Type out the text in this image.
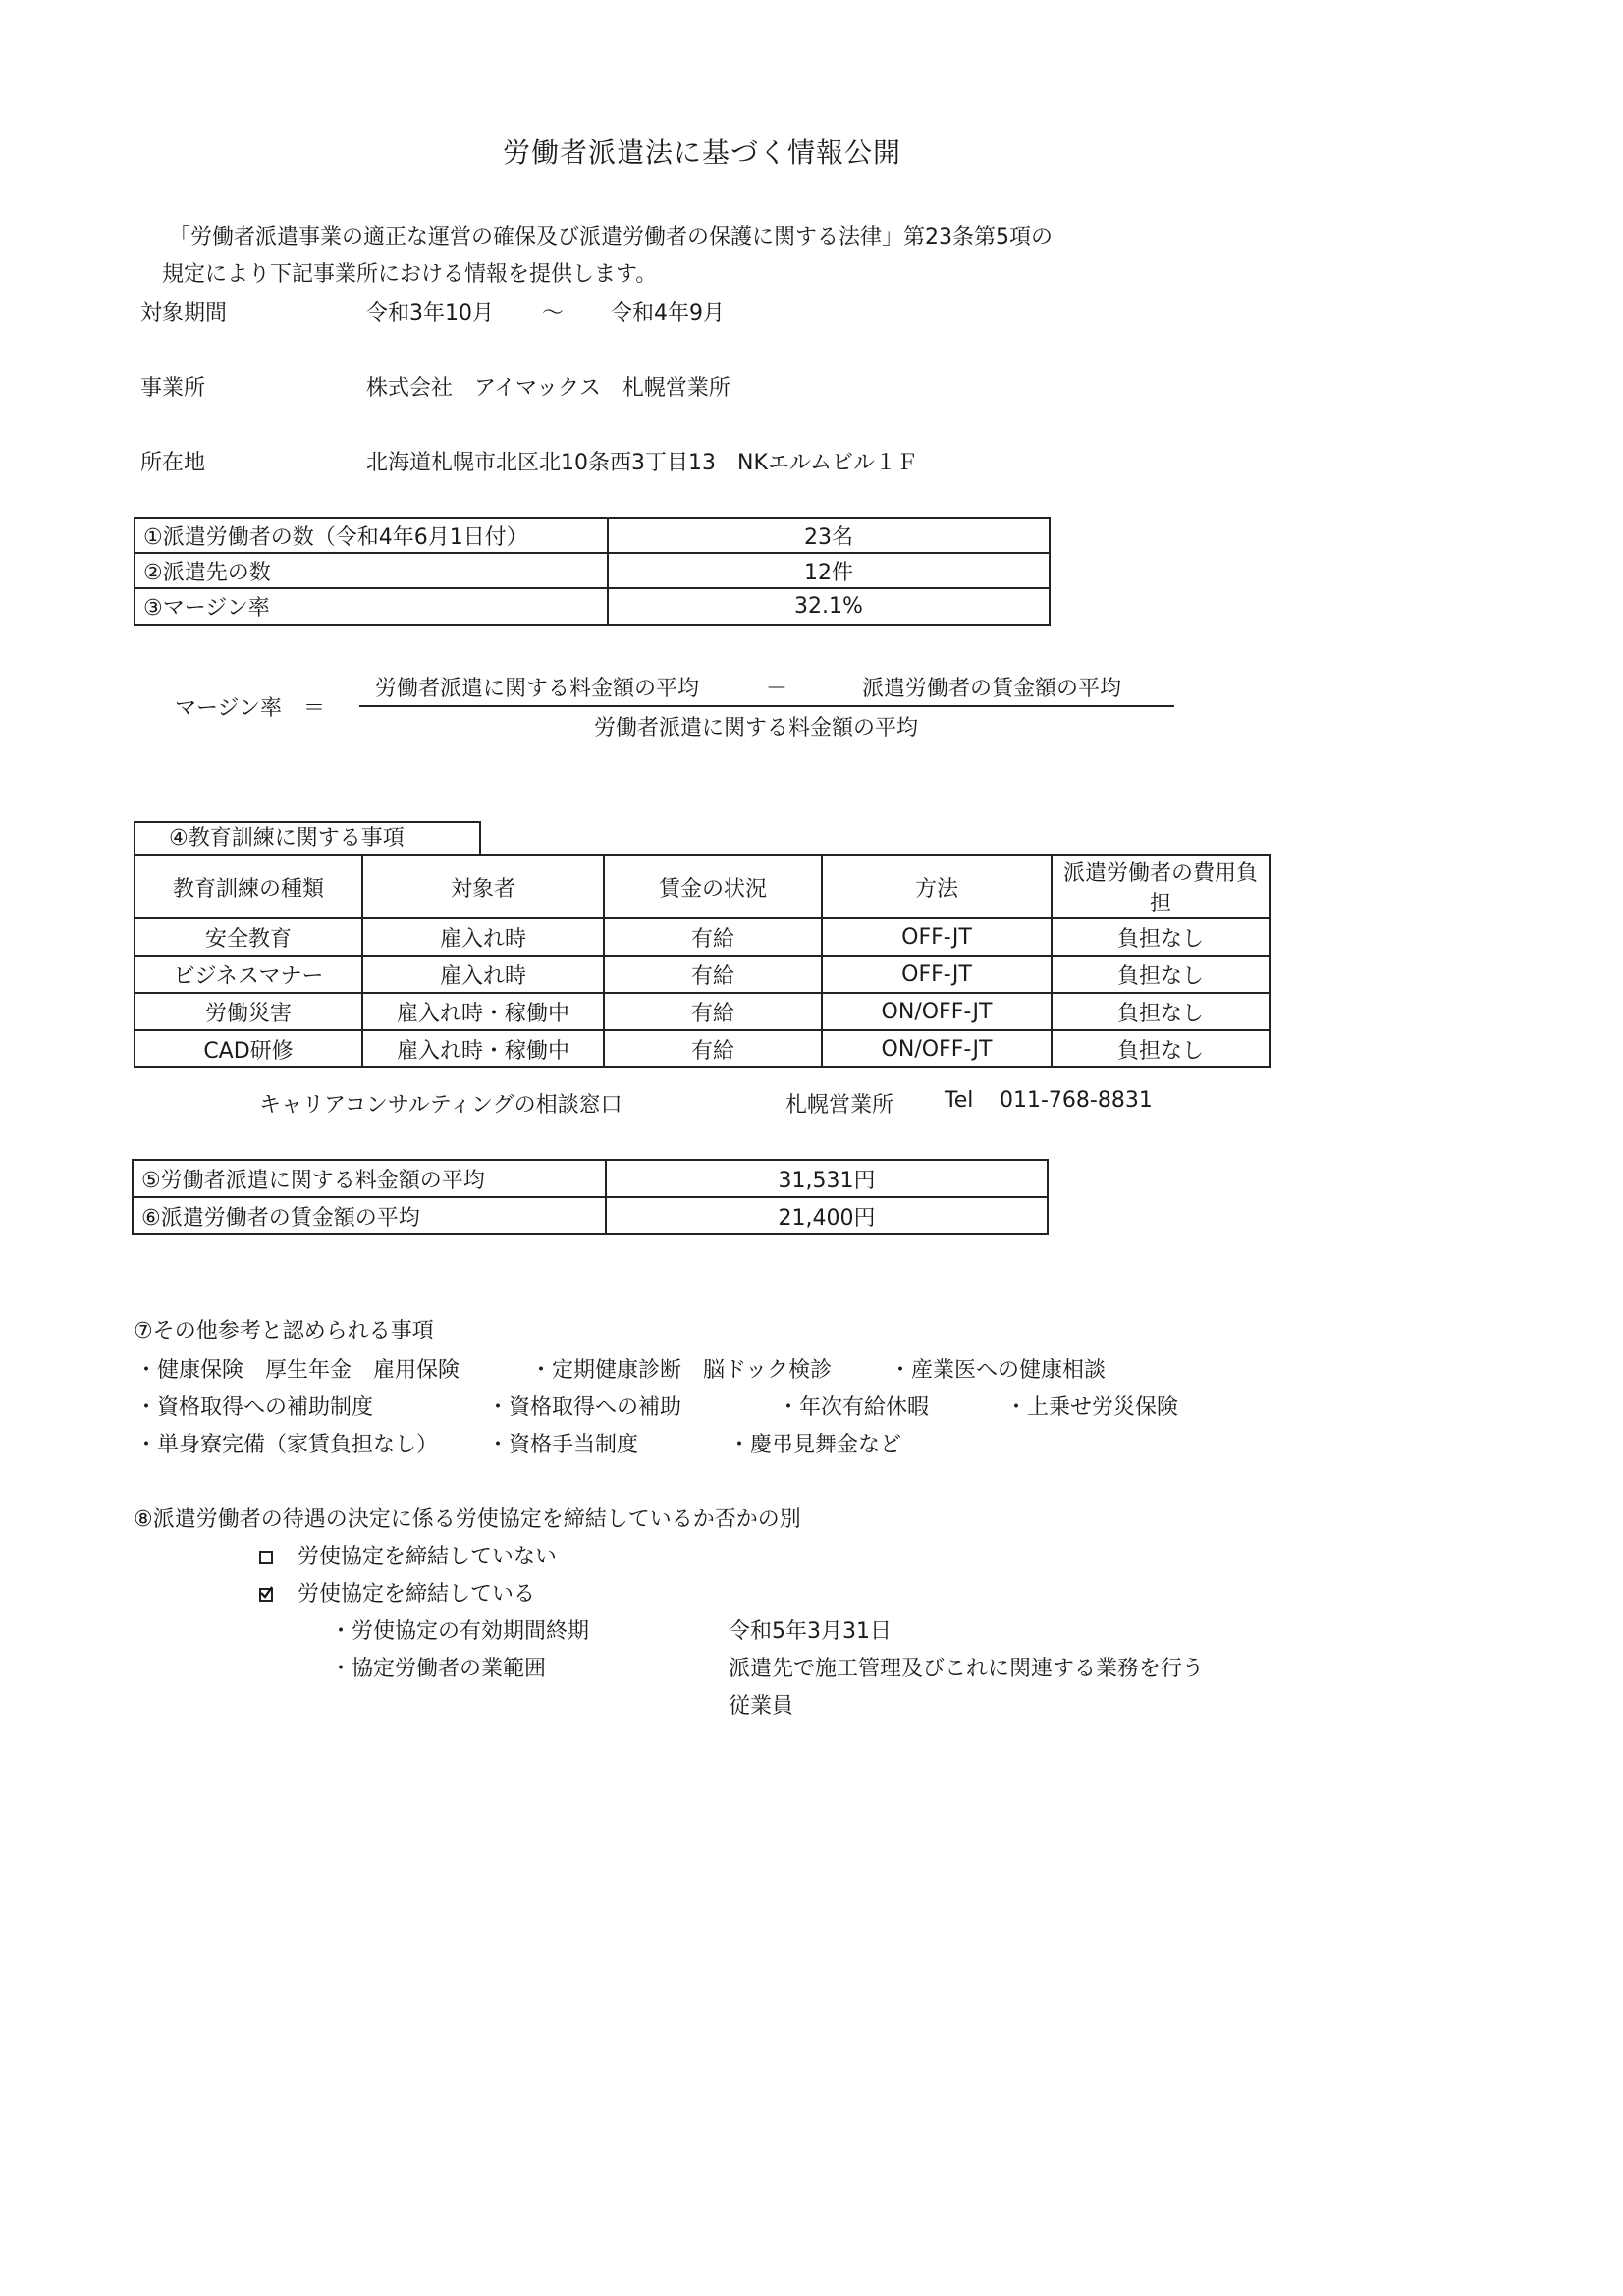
労働者派遣法に基づく情報公開
「労働者派遣事業の適正な運営の確保及び派遣労働者の保護に関する法律」第23条第5項の
規定により下記事業所における情報を提供します。
対象期間	令和3年10月 ～ 令和4年9月
事業所	株式会社　アイマックス　札幌営業所
所在地	北海道札幌市北区北10条西3丁目13　NKエルムビル１Ｆ
①派遣労働者の数（令和4年6月1日付）	23名
②派遣先の数	12件
③マージン率	32.1%
マージン率　＝
労働者派遣に関する料金額の平均	－	派遣労働者の賃金額の平均
労働者派遣に関する料金額の平均
④教育訓練に関する事項
教育訓練の種類	対象者	賃金の状況	方法	派遣労働者の費用負担
安全教育	雇入れ時	有給	OFF-JT	負担なし
ビジネスマナー	雇入れ時	有給	OFF-JT	負担なし
労働災害	雇入れ時・稼働中	有給	ON/OFF-JT	負担なし
CAD研修	雇入れ時・稼働中	有給	ON/OFF-JT	負担なし
キャリアコンサルティングの相談窓口	札幌営業所 Tel 011-768-8831
⑤労働者派遣に関する料金額の平均	31,531円
⑥派遣労働者の賃金額の平均	21,400円
⑦その他参考と認められる事項
・健康保険　厚生年金　雇用保険	・定期健康診断　脳ドック検診	・産業医への健康相談
・資格取得への補助制度	・資格取得への補助	・年次有給休暇	・上乗せ労災保険
・単身寮完備（家賃負担なし） ・資格手当制度	・慶弔見舞金など
⑧派遣労働者の待遇の決定に係る労使協定を締結しているか否かの別
労使協定を締結していない
労使協定を締結している
・労使協定の有効期間終期	令和5年3月31日
・協定労働者の業範囲	派遣先で施工管理及びこれに関連する業務を行う
従業員
